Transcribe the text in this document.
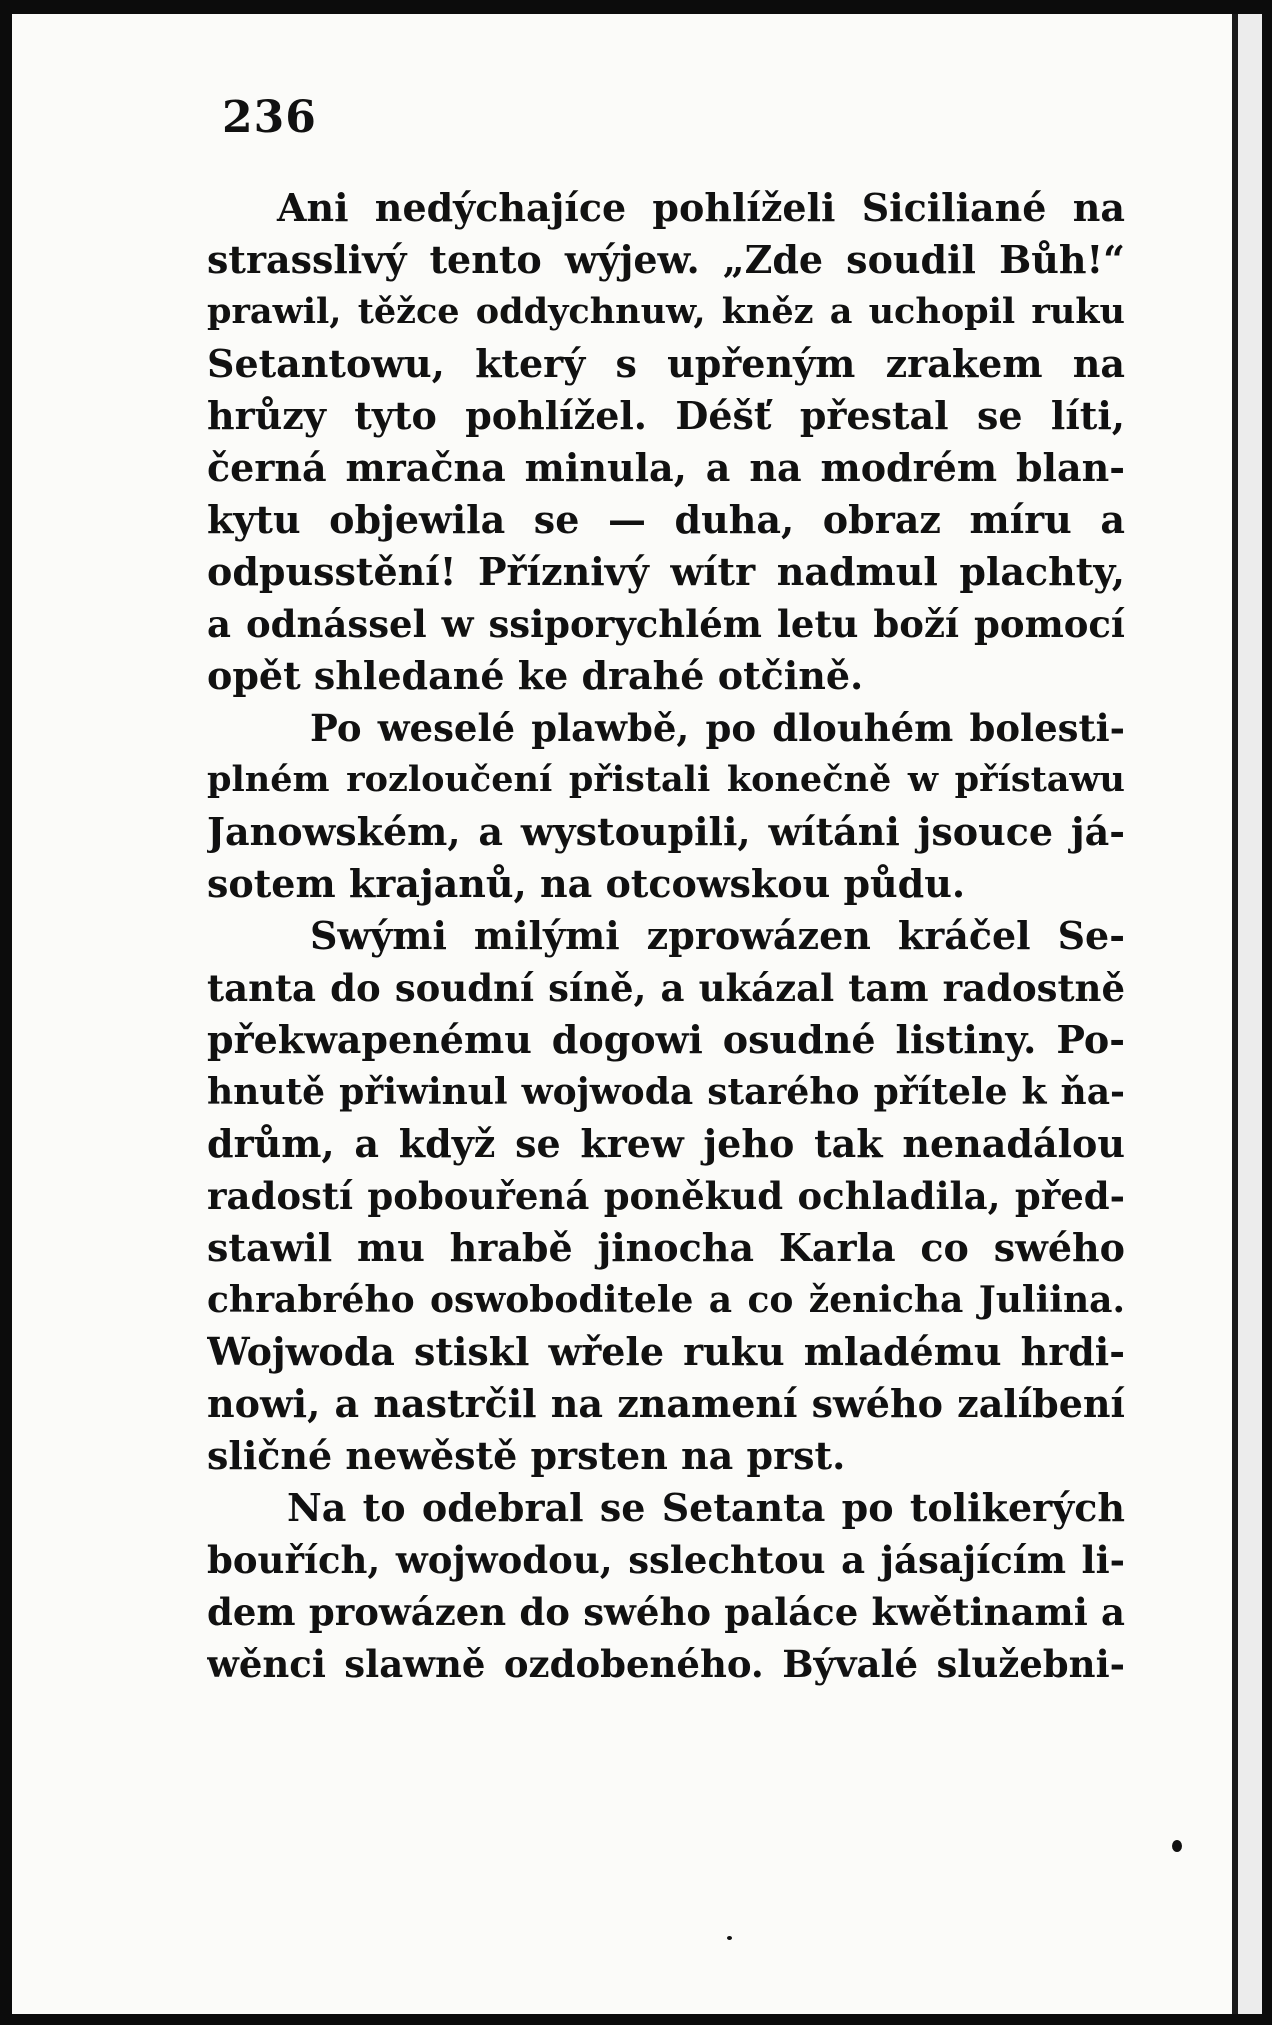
236
Ani nedýchajíce pohlíželi Siciliané na
strasslivý tento wýjew. „Zde soudil Bůh!“
prawil, těžce oddychnuw, kněz a uchopil ruku
Setantowu, který s upřeným zrakem na
hrůzy tyto pohlížel. Déšť přestal se líti,
černá mračna minula, a na modrém blan-
kytu objewila se — duha, obraz míru a
odpusstění! Příznivý wítr nadmul plachty,
a odnássel w ssiporychlém letu boží pomocí
opět shledané ke drahé otčině.
Po weselé plawbě, po dlouhém bolesti-
plném rozloučení přistali konečně w přístawu
Janowském, a wystoupili, wítáni jsouce já-
sotem krajanů, na otcowskou půdu.
Swými milými zprowázen kráčel Se-
tanta do soudní síně, a ukázal tam radostně
překwapenému dogowi osudné listiny. Po-
hnutě přiwinul wojwoda starého přítele k ňa-
drům, a když se krew jeho tak nenadálou
radostí pobouřená poněkud ochladila, před-
stawil mu hrabě jinocha Karla co swého
chrabrého oswoboditele a co ženicha Juliina.
Wojwoda stiskl wřele ruku mladému hrdi-
nowi, a nastrčil na znamení swého zalíbení
sličné newěstě prsten na prst.
Na to odebral se Setanta po tolikerých
bouřích, wojwodou, sslechtou a jásajícím li-
dem prowázen do swého paláce kwětinami a
wěnci slawně ozdobeného. Bývalé služebni-
